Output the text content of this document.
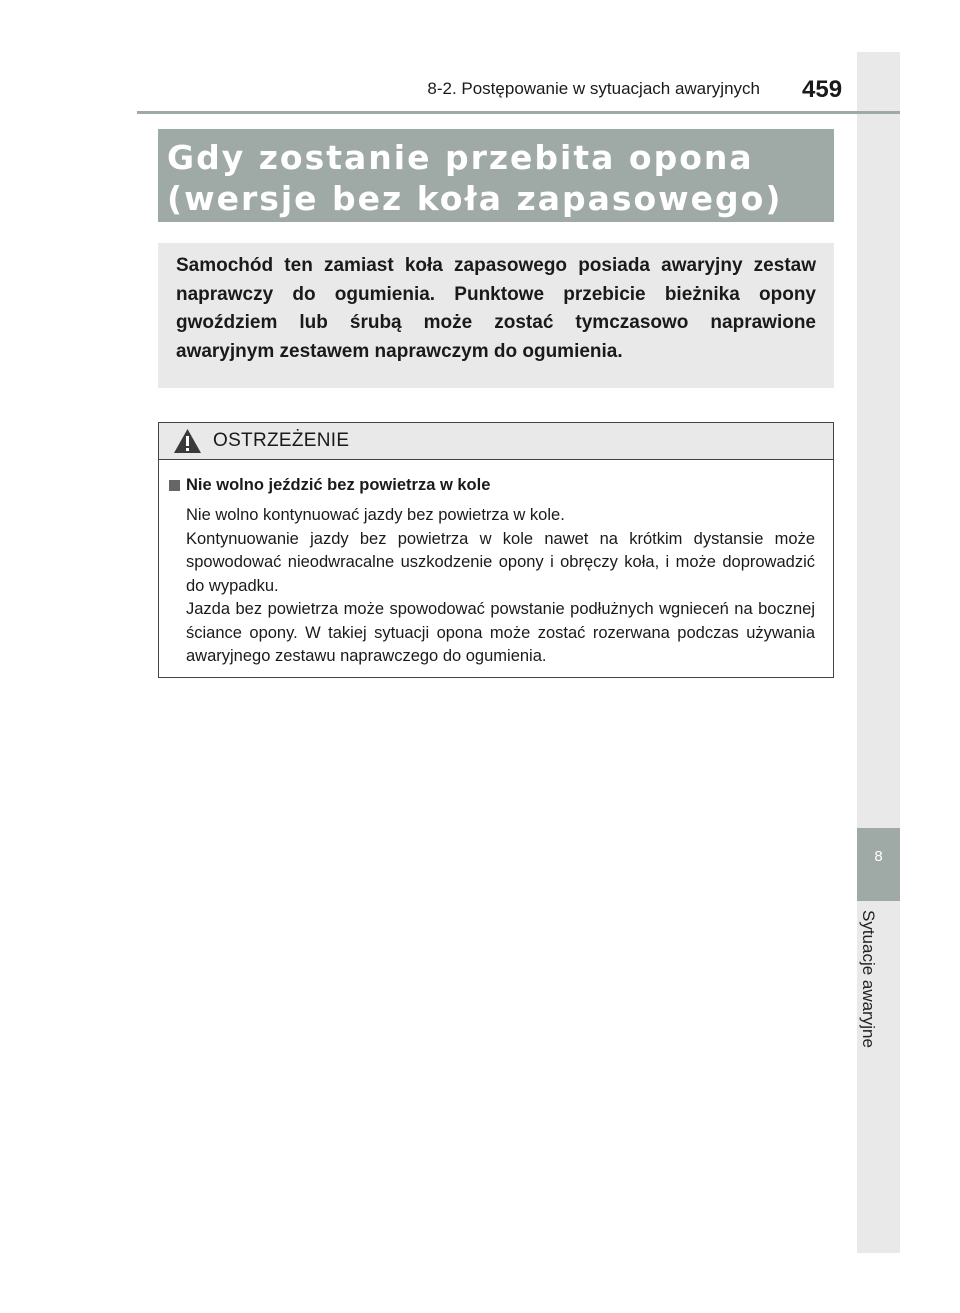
8
Sytuacje awaryjne
8-2. Postępowanie w sytuacjach awaryjnych 459
Gdy zostanie przebita opona (wersje bez koła zapasowego)

Samochód ten zamiast koła zapasowego posiada awaryjny zestaw naprawczy do ogumienia. Punktowe przebicie bieżnika opony gwoździem lub śrubą może zostać tymczasowo naprawione awaryjnym zestawem naprawczym do ogumienia.

OSTRZEŻENIE
Nie wolno jeździć bez powietrza w kole

Nie wolno kontynuować jazdy bez powietrza w kole.

Kontynuowanie jazdy bez powietrza w kole nawet na krótkim dystansie może spowodować nieodwracalne uszkodzenie opony i obręczy koła, i może doprowadzić do wypadku.

Jazda bez powietrza może spowodować powstanie podłużnych wgnieceń na bocznej ściance opony. W takiej sytuacji opona może zostać rozerwana podczas używania awaryjnego zestawu naprawczego do ogumienia.
